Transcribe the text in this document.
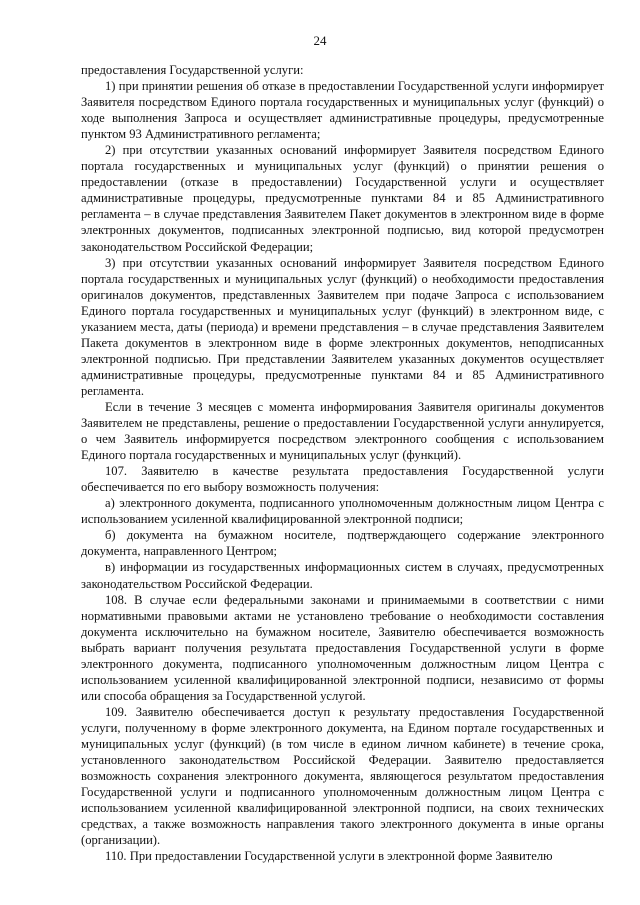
24

предоставления Государственной услуги:

1) при принятии решения об отказе в предоставлении Государственной услуги информирует Заявителя посредством Единого портала государственных и муниципальных услуг (функций) о ходе выполнения Запроса и осуществляет административные процедуры, предусмотренные пунктом 93 Административного регламента;

2) при отсутствии указанных оснований информирует Заявителя посредством Единого портала государственных и муниципальных услуг (функций) о принятии решения о предоставлении (отказе в предоставлении) Государственной услуги и осуществляет административные процедуры, предусмотренные пунктами 84 и 85 Административного регламента – в случае представления Заявителем Пакет документов в электронном виде в форме электронных документов, подписанных электронной подписью, вид которой предусмотрен законодательством Российской Федерации;

3) при отсутствии указанных оснований информирует Заявителя посредством Единого портала государственных и муниципальных услуг (функций) о необходимости предоставления оригиналов документов, представленных Заявителем при подаче Запроса с использованием Единого портала государственных и муниципальных услуг (функций) в электронном виде, с указанием места, даты (периода) и времени представления – в случае представления Заявителем Пакета документов в электронном виде в форме электронных документов, неподписанных электронной подписью. При представлении Заявителем указанных документов осуществляет административные процедуры, предусмотренные пунктами 84 и 85 Административного регламента.

Если в течение 3 месяцев с момента информирования Заявителя оригиналы документов Заявителем не представлены, решение о предоставлении Государственной услуги аннулируется, о чем Заявитель информируется посредством электронного сообщения с использованием Единого портала государственных и муниципальных услуг (функций).

107. Заявителю в качестве результата предоставления Государственной услуги обеспечивается по его выбору возможность получения:

а) электронного документа, подписанного уполномоченным должностным лицом Центра с использованием усиленной квалифицированной электронной подписи;

б) документа на бумажном носителе, подтверждающего содержание электронного документа, направленного Центром;

в) информации из государственных информационных систем в случаях, предусмотренных законодательством Российской Федерации.

108. В случае если федеральными законами и принимаемыми в соответствии с ними нормативными правовыми актами не установлено требование о необходимости составления документа исключительно на бумажном носителе, Заявителю обеспечивается возможность выбрать вариант получения результата предоставления Государственной услуги в форме электронного документа, подписанного уполномоченным должностным лицом Центра с использованием усиленной квалифицированной электронной подписи, независимо от формы или способа обращения за Государственной услугой.

109. Заявителю обеспечивается доступ к результату предоставления Государственной услуги, полученному в форме электронного документа, на Едином портале государственных и муниципальных услуг (функций) (в том числе в едином личном кабинете) в течение срока, установленного законодательством Российской Федерации. Заявителю предоставляется возможность сохранения электронного документа, являющегося результатом предоставления Государственной услуги и подписанного уполномоченным должностным лицом Центра с использованием усиленной квалифицированной электронной подписи, на своих технических средствах, а также возможность направления такого электронного документа в иные органы (организации).

110. При предоставлении Государственной услуги в электронной форме Заявителю
